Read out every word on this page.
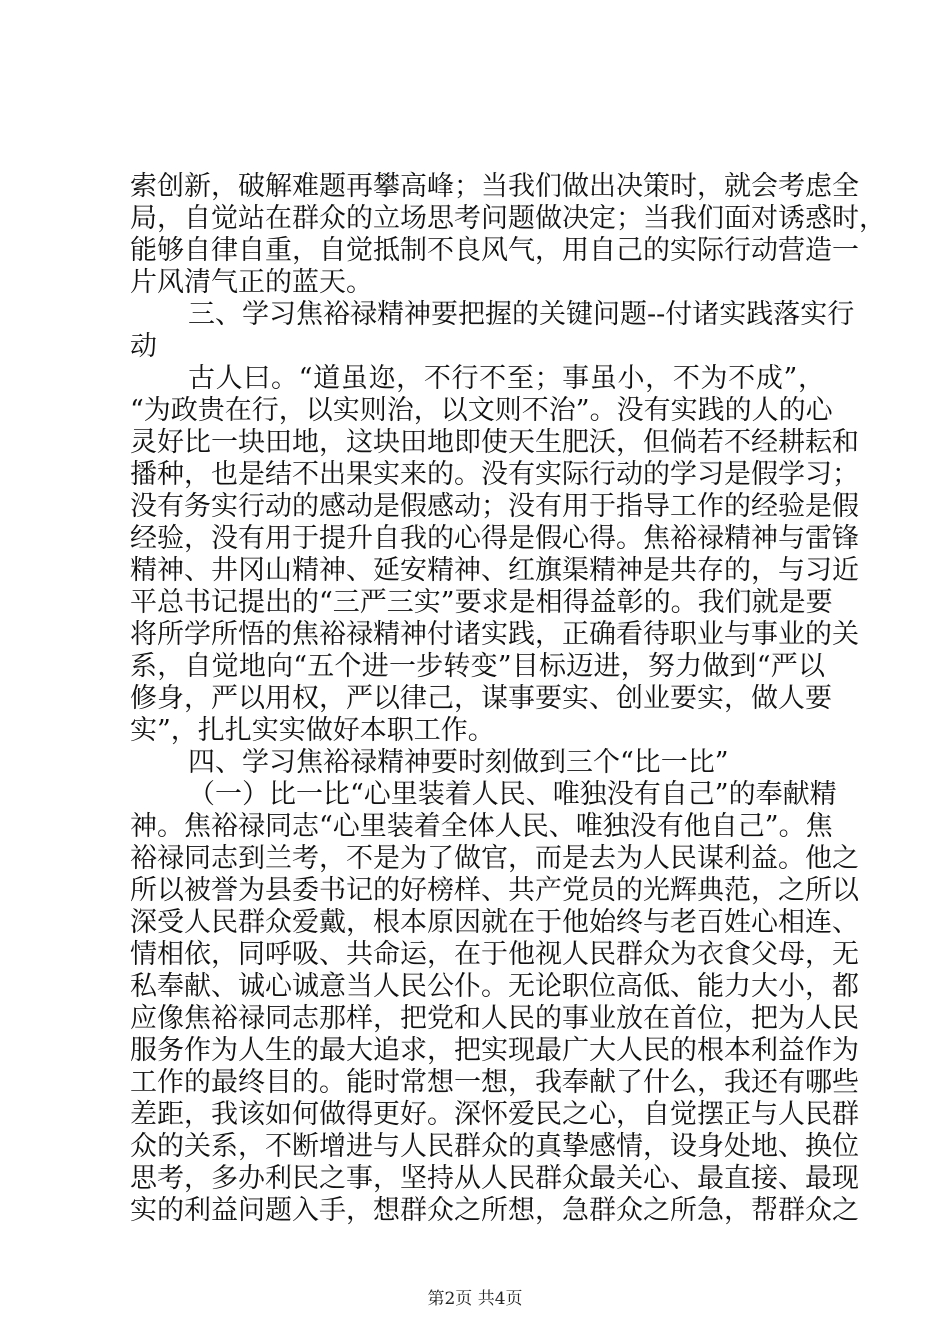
索创新，破解难题再攀高峰；当我们做出决策时，就会考虑全
局，自觉站在群众的立场思考问题做决定；当我们面对诱惑时，
能够自律自重，自觉抵制不良风气，用自己的实际行动营造一
片风清气正的蓝天。
三、学习焦裕禄精神要把握的关键问题--付诸实践落实行
动
古人曰。“道虽迩，不行不至；事虽小，不为不成”，
“为政贵在行，以实则治，以文则不治”。没有实践的人的心
灵好比一块田地，这块田地即使天生肥沃，但倘若不经耕耘和
播种，也是结不出果实来的。没有实际行动的学习是假学习；
没有务实行动的感动是假感动；没有用于指导工作的经验是假
经验，没有用于提升自我的心得是假心得。焦裕禄精神与雷锋
精神、井冈山精神、延安精神、红旗渠精神是共存的，与习近
平总书记提出的“三严三实”要求是相得益彰的。我们就是要
将所学所悟的焦裕禄精神付诸实践，正确看待职业与事业的关
系，自觉地向“五个进一步转变”目标迈进，努力做到“严以
修身，严以用权，严以律己，谋事要实、创业要实，做人要
实”，扎扎实实做好本职工作。
四、学习焦裕禄精神要时刻做到三个“比一比”
（一）比一比“心里装着人民、唯独没有自己”的奉献精
神。焦裕禄同志“心里装着全体人民、唯独没有他自己”。焦
裕禄同志到兰考，不是为了做官，而是去为人民谋利益。他之
所以被誉为县委书记的好榜样、共产党员的光辉典范，之所以
深受人民群众爱戴，根本原因就在于他始终与老百姓心相连、
情相依，同呼吸、共命运，在于他视人民群众为衣食父母，无
私奉献、诚心诚意当人民公仆。无论职位高低、能力大小，都
应像焦裕禄同志那样，把党和人民的事业放在首位，把为人民
服务作为人生的最大追求，把实现最广大人民的根本利益作为
工作的最终目的。能时常想一想，我奉献了什么，我还有哪些
差距，我该如何做得更好。深怀爱民之心，自觉摆正与人民群
众的关系，不断增进与人民群众的真挚感情，设身处地、换位
思考，多办利民之事，坚持从人民群众最关心、最直接、最现
实的利益问题入手，想群众之所想，急群众之所急，帮群众之
第2页 共4页
